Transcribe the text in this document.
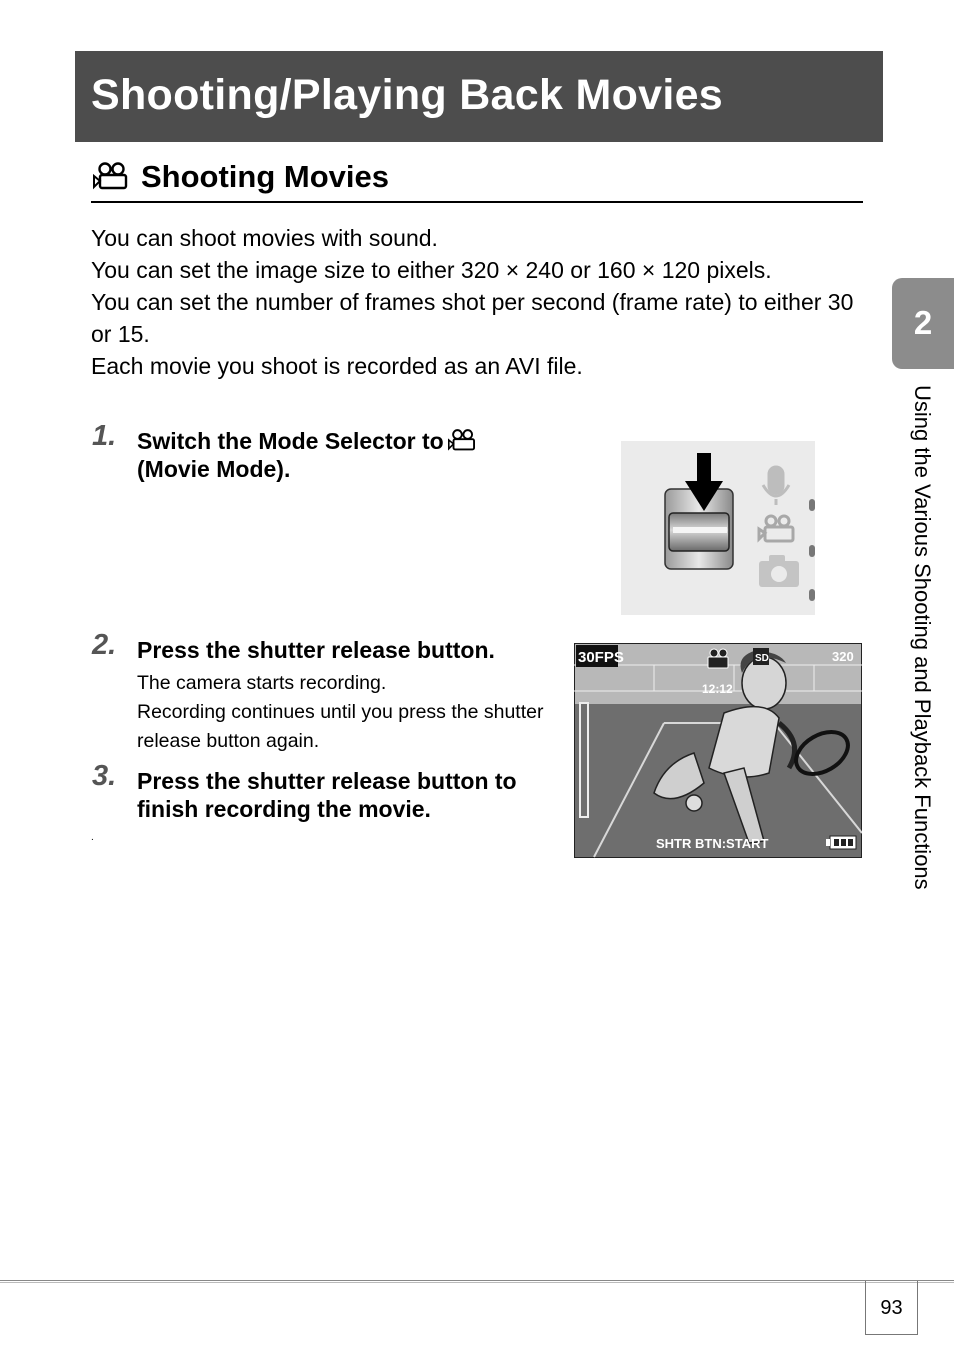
Shooting/Playing Back Movies
Shooting Movies

You can shoot movies with sound.

You can set the image size to either 320 × 240 or 160 × 120 pixels.

You can set the number of frames shot per second (frame rate) to either 30 or 15.

Each movie you shoot is recorded as an AVI file.

1. Switch the Mode Selector to
(Movie Mode).
2. Press the shutter release button.

The camera starts recording.

Recording continues until you press the shutter release button again.

3. Press the shutter release button to finish recording the movie.
.
30FPS	SD	320
12:12
SHTR BTN:START
2
Using the Various Shooting and Playback Functions
93
